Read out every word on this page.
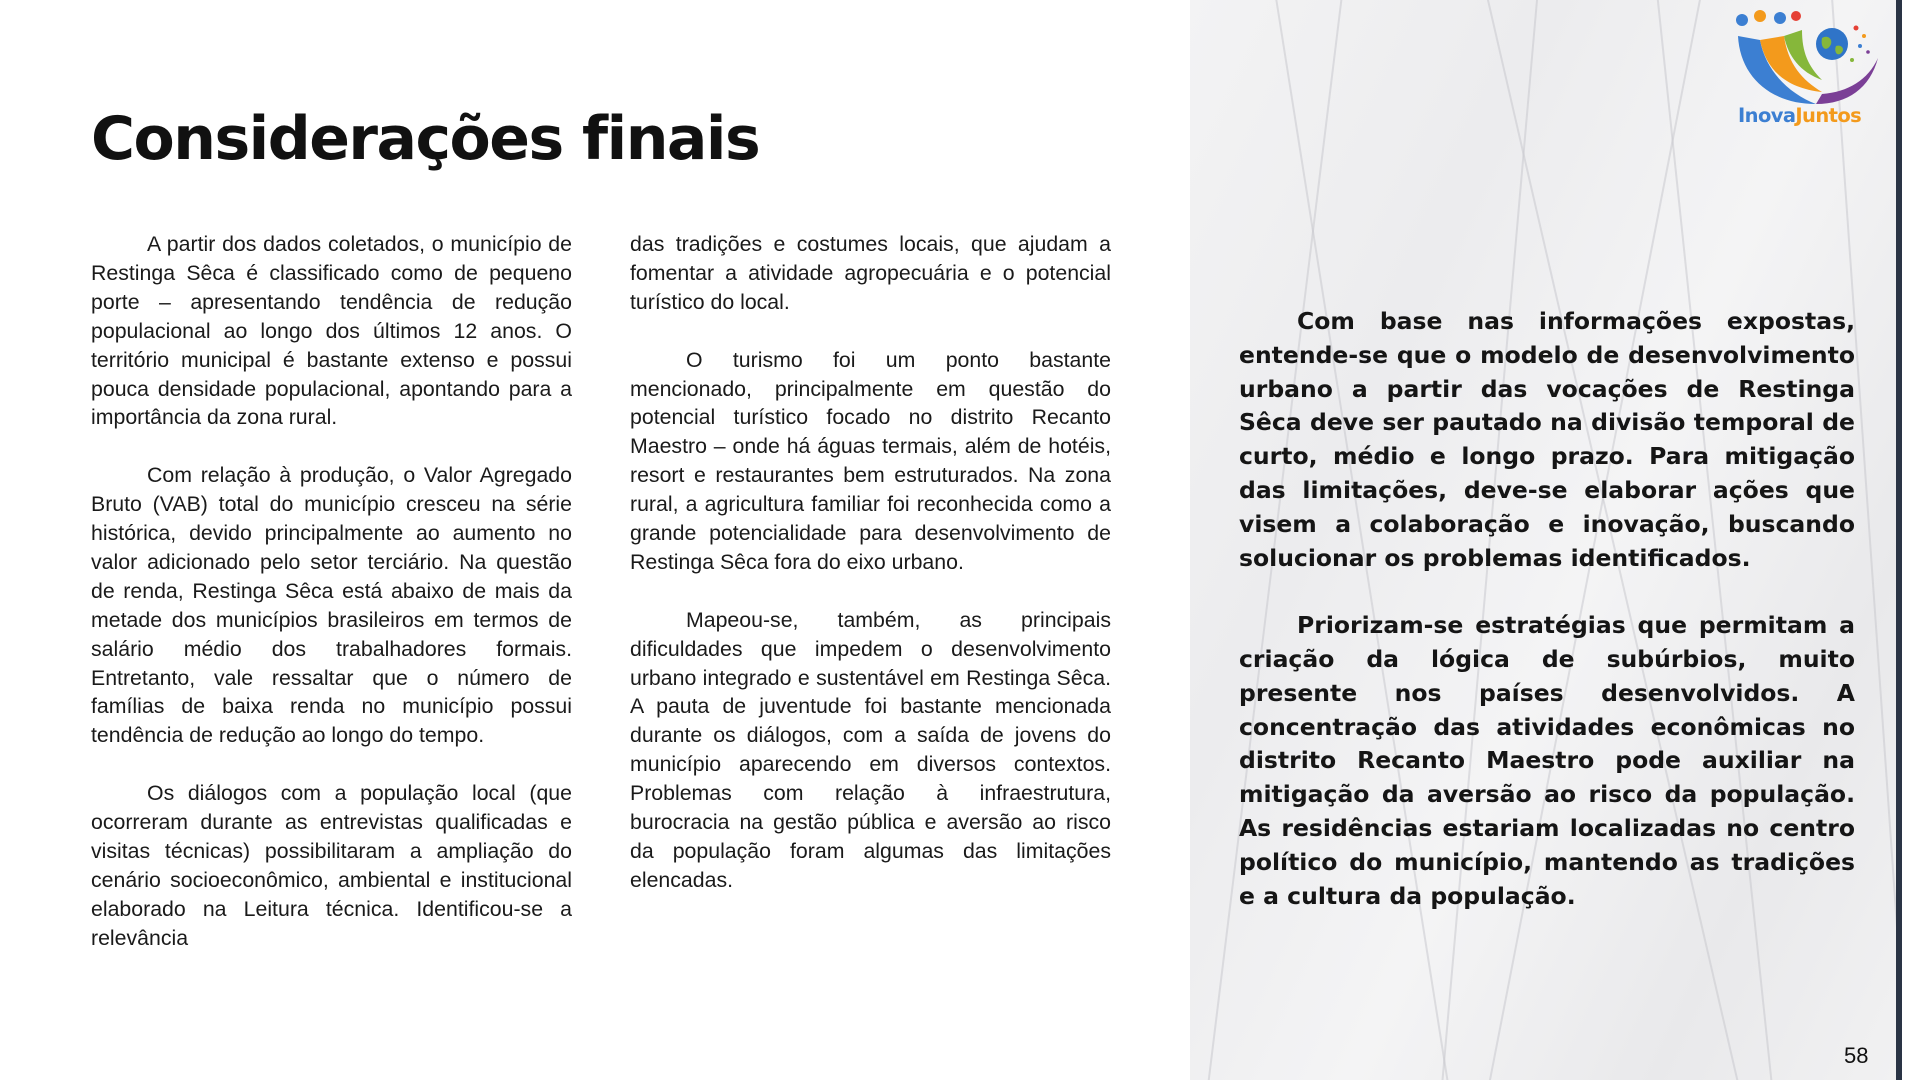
Considerações finais

A partir dos dados coletados, o município de Restinga Sêca é classificado como de pequeno porte – apresentando tendência de redução populacional ao longo dos últimos 12 anos. O território municipal é bastante extenso e possui pouca densidade populacional, apontando para a importância da zona rural.

Com relação à produção, o Valor Agregado Bruto (VAB) total do município cresceu na série histórica, devido principalmente ao aumento no valor adicionado pelo setor terciário. Na questão de renda, Restinga Sêca está abaixo de mais da metade dos municípios brasileiros em termos de salário médio dos trabalhadores formais. Entretanto, vale ressaltar que o número de famílias de baixa renda no município possui tendência de redução ao longo do tempo.

Os diálogos com a população local (que ocorreram durante as entrevistas qualificadas e visitas técnicas) possibilitaram a ampliação do cenário socioeconômico, ambiental e institucional elaborado na Leitura técnica. Identificou-se a relevância

das tradições e costumes locais, que ajudam a fomentar a atividade agropecuária e o potencial turístico do local.

O turismo foi um ponto bastante mencionado, principalmente em questão do potencial turístico focado no distrito Recanto Maestro – onde há águas termais, além de hotéis, resort e restaurantes bem estruturados. Na zona rural, a agricultura familiar foi reconhecida como a grande potencialidade para desenvolvimento de Restinga Sêca fora do eixo urbano.

Mapeou-se, também, as principais dificuldades que impedem o desenvolvimento urbano integrado e sustentável em Restinga Sêca. A pauta de juventude foi bastante mencionada durante os diálogos, com a saída de jovens do município aparecendo em diversos contextos. Problemas com relação à infraestrutura, burocracia na gestão pública e aversão ao risco da população foram algumas das limitações elencadas.

Com base nas informações expostas, entende-se que o modelo de desenvolvimento urbano a partir das vocações de Restinga Sêca deve ser pautado na divisão temporal de curto, médio e longo prazo. Para mitigação das limitações, deve-se elaborar ações que visem a colaboração e inovação, buscando solucionar os problemas identificados.

Priorizam-se estratégias que permitam a criação da lógica de subúrbios, muito presente nos países desenvolvidos. A concentração das atividades econômicas no distrito Recanto Maestro pode auxiliar na mitigação da aversão ao risco da população. As residências estariam localizadas no centro político do município, mantendo as tradições e a cultura da população.

InovaJuntos
58
